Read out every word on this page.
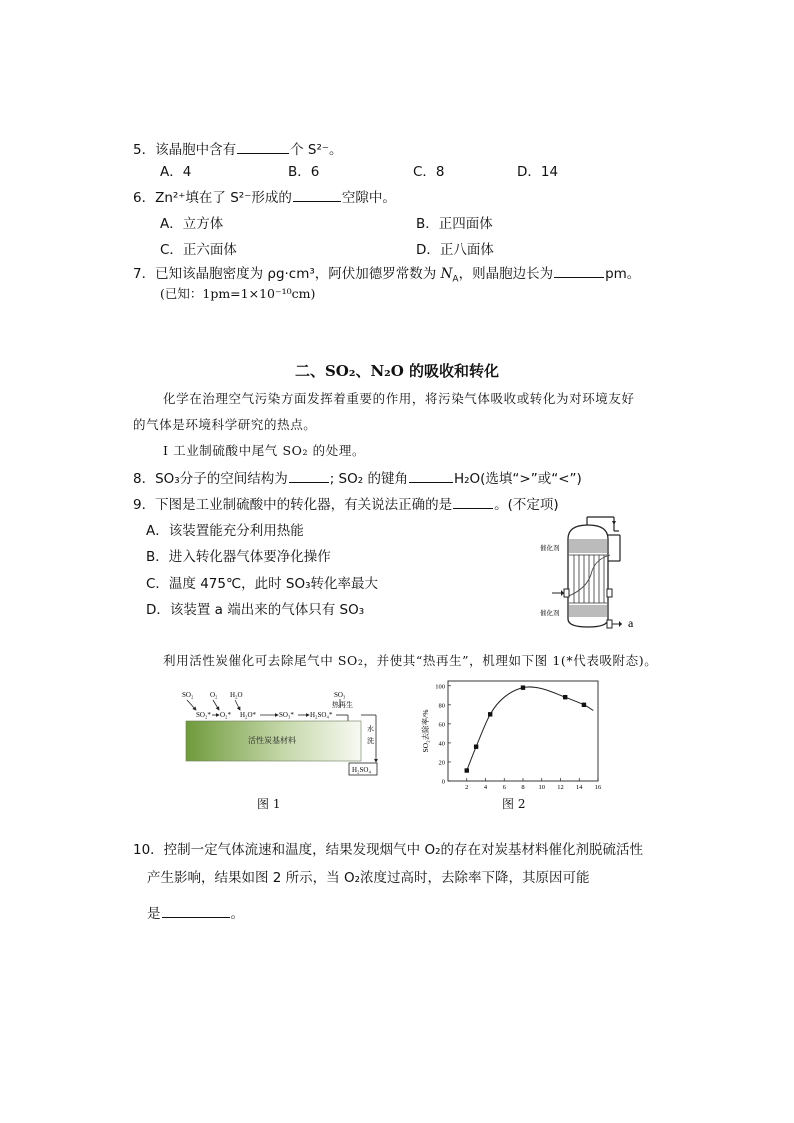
5．该晶胞中含有	个 S²⁻。
A．4	B．6	C．8	D．14
6．Zn²⁺填在了 S²⁻形成的	空隙中。
A．立方体	B．正四面体
C．正六面体	D．正八面体
7．已知该晶胞密度为 ρg·cm³，阿伏加德罗常数为 $N_A$，则晶胞边长为	pm。
(已知：1pm=1×10⁻¹⁰cm)
二、SO₂、N₂O 的吸收和转化
化学在治理空气污染方面发挥着重要的作用，将污染气体吸收或转化为对环境友好
的气体是环境科学研究的热点。
Ⅰ 工业制硫酸中尾气 SO₂ 的处理。
8．SO₃分子的空间结构为	; SO₂ 的键角	H₂O(选填“>”或“<”)
9．下图是工业制硫酸中的转化器，有关说法正确的是	。(不定项)
A．该装置能充分利用热能
B．进入转化器气体要净化操作
C．温度 475℃，此时 SO₃转化率最大
D．该装置 a 端出来的气体只有 SO₃
催化剂
催化剂
a
利用活性炭催化可去除尾气中 SO₂，并使其“热再生”，机理如下图 1(*代表吸附态)。
SO₂ O₂ H₂O	SO₃
SO₂* O₂* H₂O*	SO₃* H₂SO₄*
热再生
活性炭基材料
水
洗
H₂SO₄
图 1
SO₂去除率/%
2 4 6 8 10 12 14 16
0
20
40
60
80
100
图 2
10．控制一定气体流速和温度，结果发现烟气中 O₂的存在对炭基材料催化剂脱硫活性
产生影响，结果如图 2 所示，当 O₂浓度过高时，去除率下降，其原因可能
是	。
